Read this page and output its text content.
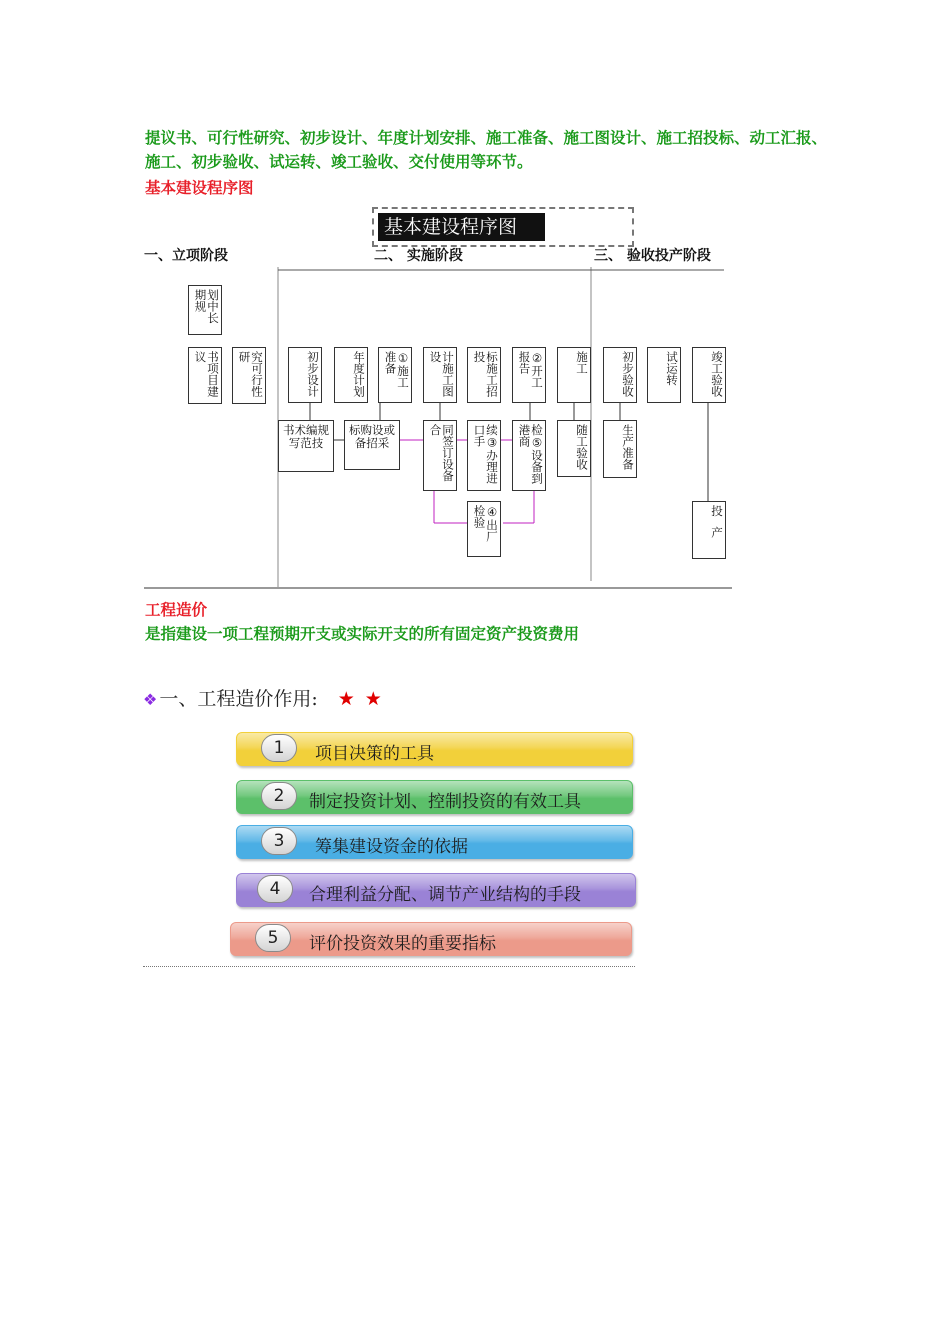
提议书、可行性研究、初步设计、年度计划安排、施工准备、施工图设计、施工招投标、动工汇报、施工、初步验收、试运转、竣工验收、交付使用等环节。

基本建设程序图

基本建设程序图
一、立项阶段	二、 实施阶段	三、 验收投产阶段
划中长期规
书项目建议	究可行性研	初步设计	年度计划	①施工准备	计施工图设	标施工招投	②开工报告	施工	初步验收	试运转	竣工验收
书术编规写范技
标购设或备招采	同签订设备合	续③办理进口手	检⑤设备到港商	随工验收	生产准备
④出厂检验	投产

工程造价

是指建设一项工程预期开支或实际开支的所有固定资产投资费用

❖ 一、工程造价作用: ★★
1	项目决策的工具
2	制定投资计划、控制投资的有效工具
3	筹集建设资金的依据
4	合理利益分配、调节产业结构的手段
5	评价投资效果的重要指标
